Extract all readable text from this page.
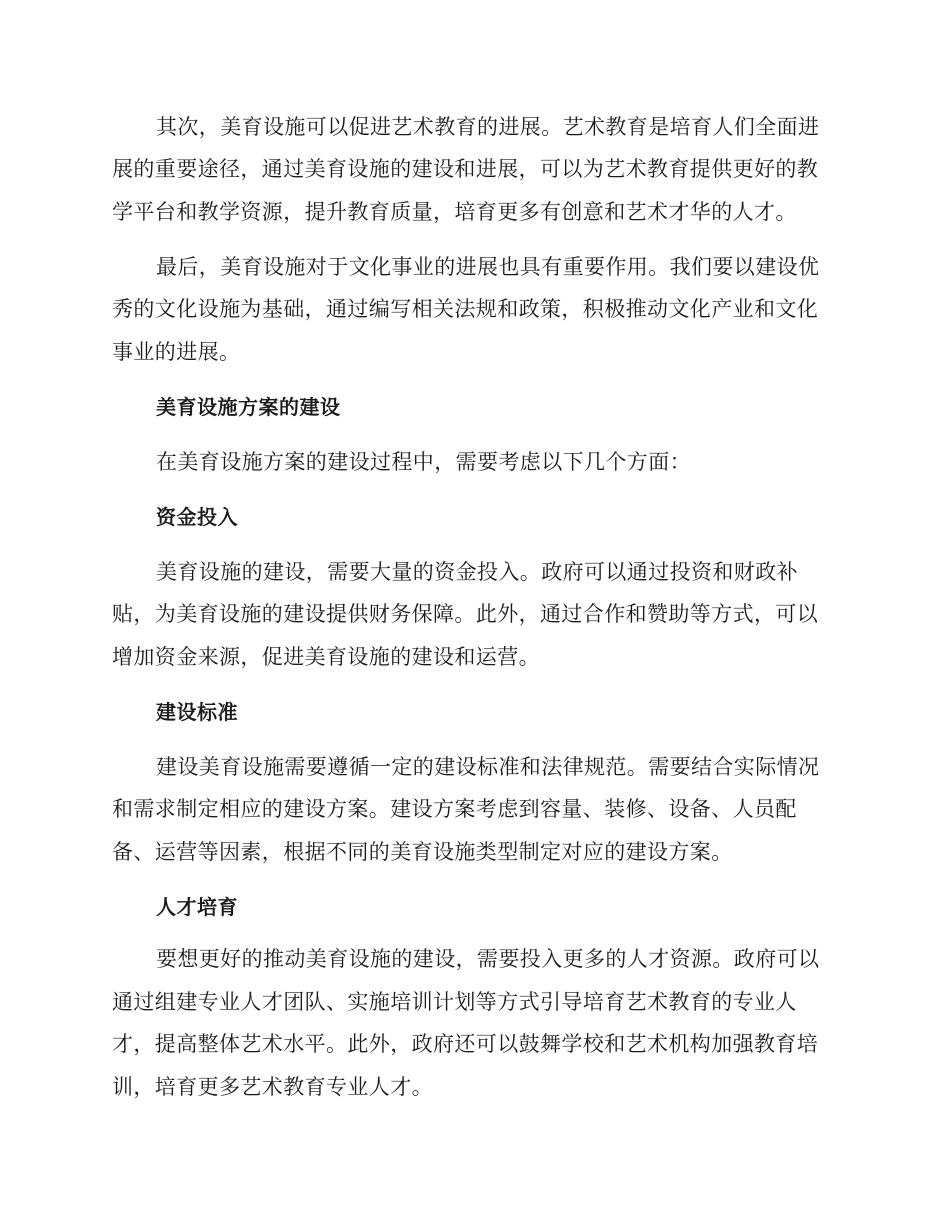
其次，美育设施可以促进艺术教育的进展。艺术教育是培育人们全面进

展的重要途径，通过美育设施的建设和进展，可以为艺术教育提供更好的教

学平台和教学资源，提升教育质量，培育更多有创意和艺术才华的人才。

最后，美育设施对于文化事业的进展也具有重要作用。我们要以建设优

秀的文化设施为基础，通过编写相关法规和政策，积极推动文化产业和文化

事业的进展。

美育设施方案的建设

在美育设施方案的建设过程中，需要考虑以下几个方面：

资金投入

美育设施的建设，需要大量的资金投入。政府可以通过投资和财政补

贴，为美育设施的建设提供财务保障。此外，通过合作和赞助等方式，可以

增加资金来源，促进美育设施的建设和运营。

建设标准

建设美育设施需要遵循一定的建设标准和法律规范。需要结合实际情况

和需求制定相应的建设方案。建设方案考虑到容量、装修、设备、人员配

备、运营等因素，根据不同的美育设施类型制定对应的建设方案。

人才培育

要想更好的推动美育设施的建设，需要投入更多的人才资源。政府可以

通过组建专业人才团队、实施培训计划等方式引导培育艺术教育的专业人

才，提高整体艺术水平。此外，政府还可以鼓舞学校和艺术机构加强教育培

训，培育更多艺术教育专业人才。
